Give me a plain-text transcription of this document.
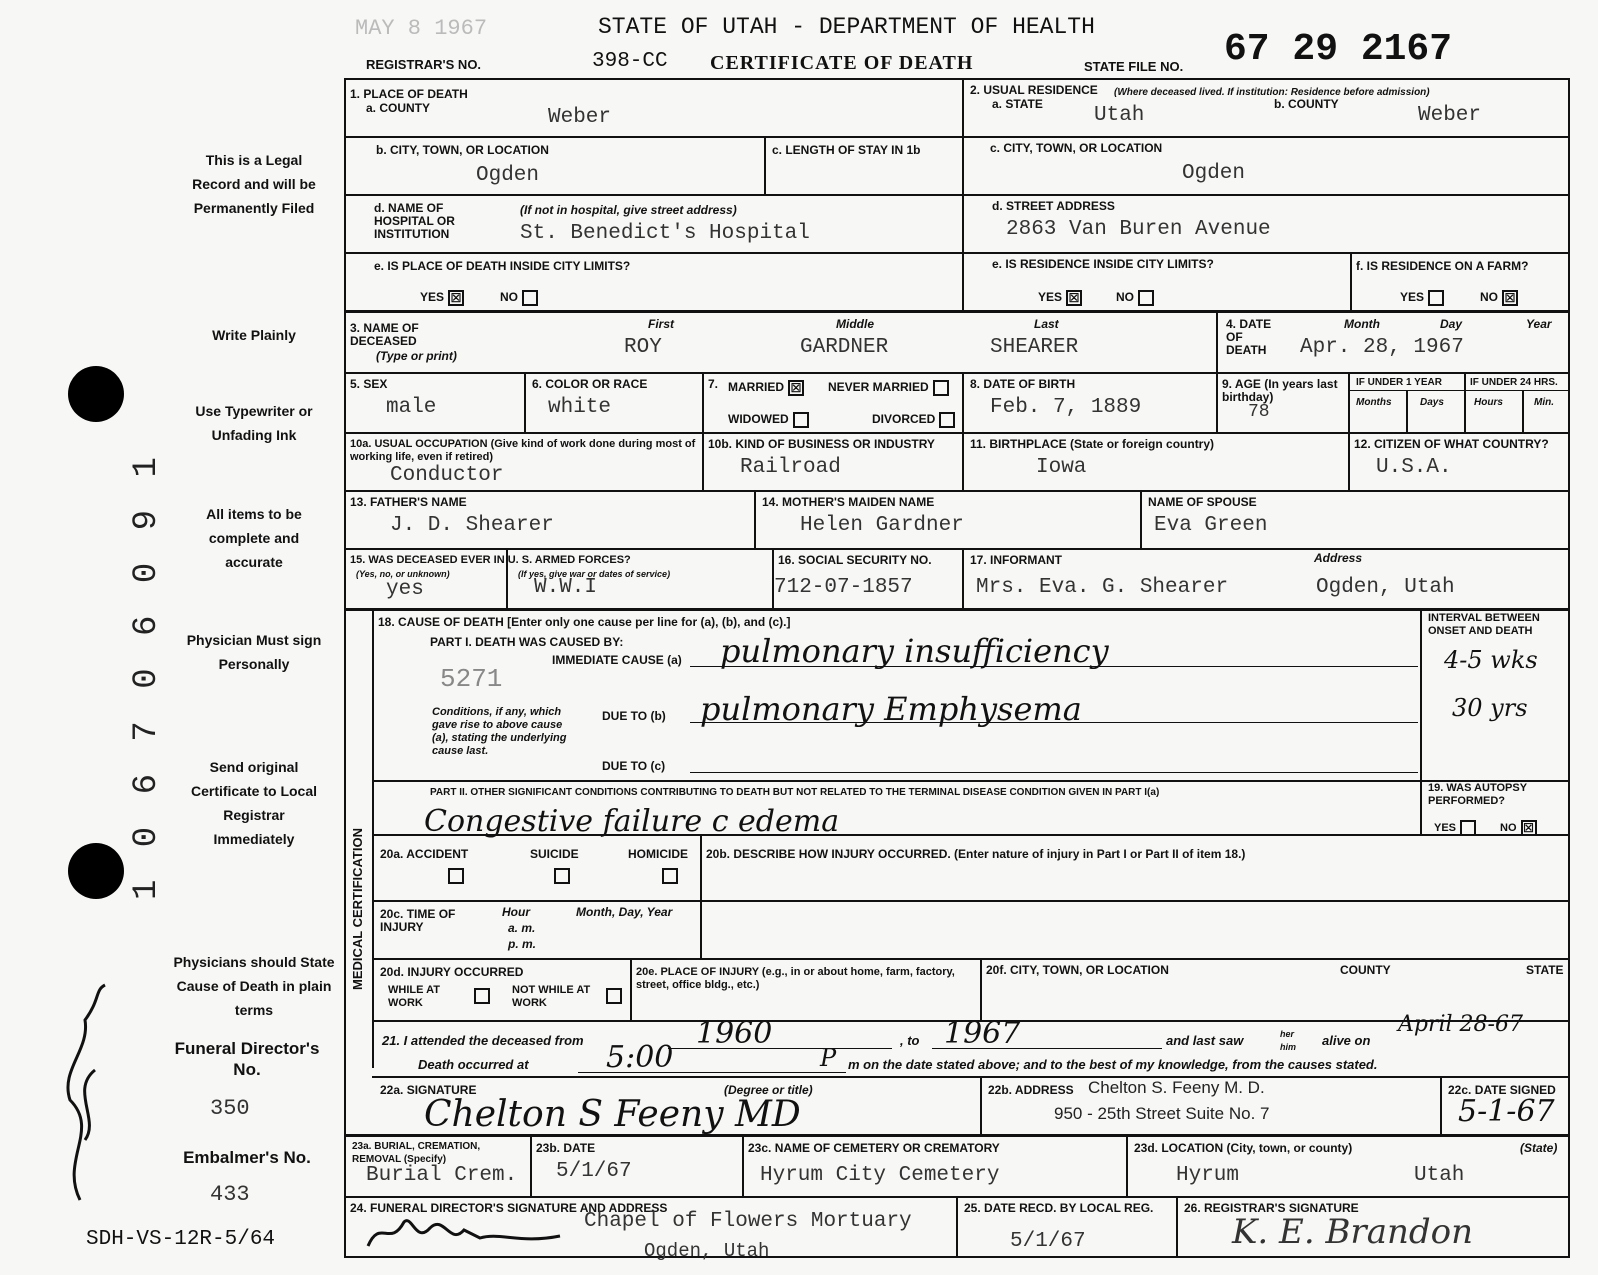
MAY 8 1967	STATE OF UTAH - DEPARTMENT OF HEALTH
REGISTRAR'S NO.	398-CC CERTIFICATE OF DEATH	STATE FILE NO. 67 29 2167
This is a Legal Record and will be Permanently Filed
Write Plainly
Use Typewriter or Unfading Ink
All items to be complete and accurate
Physician Must sign Personally
Send original Certificate to Local Registrar Immediately
Physicians should State Cause of Death in plain terms
Funeral Director's No.
350
Embalmer's No.
433
SDH-VS-12R-5/64
1 0 6 7 0 6 0 9 1
MEDICAL CERTIFICATION
1. PLACE OF DEATH
a. COUNTY	Weber
b. CITY, TOWN, OR LOCATION
Ogden
c. LENGTH OF STAY IN 1b
d. NAME OF HOSPITAL OR INSTITUTION
(If not in hospital, give street address)
St. Benedict's Hospital
e. IS PLACE OF DEATH INSIDE CITY LIMITS?
YES ☒	NO
2. USUAL RESIDENCE (Where deceased lived. If institution: Residence before admission)
a. STATE Utah	b. COUNTY	Weber
c. CITY, TOWN, OR LOCATION
Ogden
d. STREET ADDRESS
2863 Van Buren Avenue
e. IS RESIDENCE INSIDE CITY LIMITS?
YES ☒	NO
f. IS RESIDENCE ON A FARM?
YES	NO ☒
3. NAME OF DECEASED
(Type or print)
First	Middle	Last
ROY	GARDNER	SHEARER
4. DATE OF DEATH
Month	Day	Year
Apr. 28, 1967
5. SEX
male
6. COLOR OR RACE
white
7. MARRIED ☒ NEVER MARRIED
WIDOWED	DIVORCED
8. DATE OF BIRTH
Feb. 7, 1889
9. AGE (In years last birthday)
78
IF UNDER 1 YEAR	IF UNDER 24 HRS.
Months	Days	Hours	Min.
10a. USUAL OCCUPATION (Give kind of work done during most of working life, even if retired)
Conductor
10b. KIND OF BUSINESS OR INDUSTRY
Railroad
11. BIRTHPLACE (State or foreign country)
Iowa
12. CITIZEN OF WHAT COUNTRY?
U.S.A.
13. FATHER'S NAME
J. D. Shearer
14. MOTHER'S MAIDEN NAME
Helen Gardner
NAME OF SPOUSE
Eva Green
15. WAS DECEASED EVER IN U. S. ARMED FORCES?
(Yes, no, or unknown)	(If yes, give war or dates of service)
yes	W.W.I
16. SOCIAL SECURITY NO.
712-07-1857
17. INFORMANT	Address
Mrs. Eva. G. Shearer	Ogden, Utah
18. CAUSE OF DEATH [Enter only one cause per line for (a), (b), and (c).]
PART I. DEATH WAS CAUSED BY:
IMMEDIATE CAUSE (a) pulmonary insufficiency
5271
Conditions, if any, which gave rise to above cause (a), stating the underlying cause last.
DUE TO (b) pulmonary Emphysema
DUE TO (c)
INTERVAL BETWEEN ONSET AND DEATH
4-5 wks
30 yrs
PART II. OTHER SIGNIFICANT CONDITIONS CONTRIBUTING TO DEATH BUT NOT RELATED TO THE TERMINAL DISEASE CONDITION GIVEN IN PART I(a)
Congestive failure c edema
19. WAS AUTOPSY PERFORMED?
YES	NO ☒
20a. ACCIDENT	SUICIDE	HOMICIDE 20b. DESCRIBE HOW INJURY OCCURRED. (Enter nature of injury in Part I or Part II of item 18.)
20c. TIME OF INJURY
Hour
a. m.
p. m.
Month, Day, Year
20d. INJURY OCCURRED
WHILE AT WORK
NOT WHILE AT WORK
20e. PLACE OF INJURY (e.g., in or about home, farm, factory, street, office bldg., etc.)
20f. CITY, TOWN, OR LOCATION	COUNTY	STATE
21. I attended the deceased from	1960	, to 1967	and last saw	her him	alive on
April 28-67
Death occurred at	5:00	P m on the date stated above; and to the best of my knowledge, from the causes stated.
22a. SIGNATURE	(Degree or title)
Chelton S Feeny MD
22b. ADDRESS Chelton S. Feeny M. D.
950 - 25th Street Suite No. 7
22c. DATE SIGNED
5-1-67
23a. BURIAL, CREMATION, REMOVAL (Specify)
Burial Crem.
23b. DATE
5/1/67
23c. NAME OF CEMETERY OR CREMATORY
Hyrum City Cemetery
23d. LOCATION (City, town, or county)	(State)
Hyrum	Utah
24. FUNERAL DIRECTOR'S SIGNATURE AND ADDRESS
Chapel of Flowers Mortuary
Ogden, Utah
25. DATE RECD. BY LOCAL REG.
5/1/67
26. REGISTRAR'S SIGNATURE
K. E. Brandon
